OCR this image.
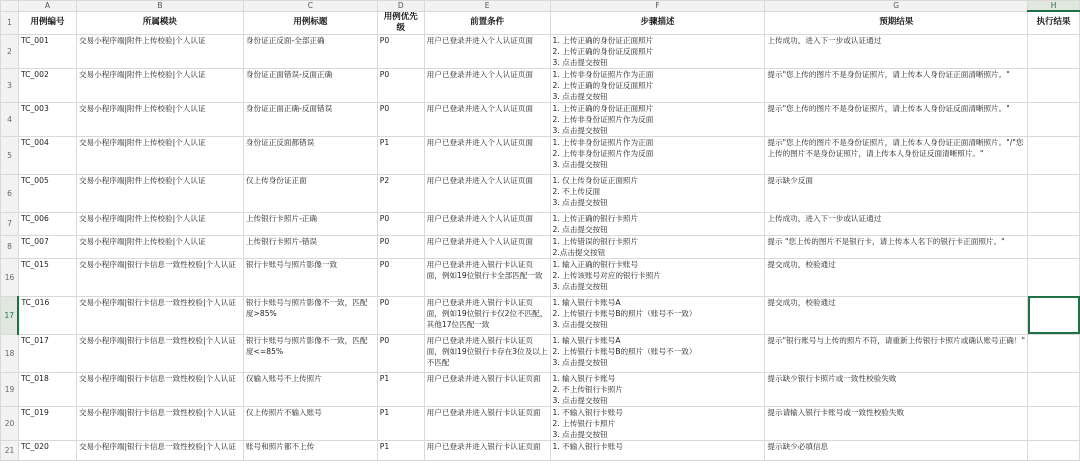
	A	B	C	D	E	F	G	H
1	用例编号	所属模块	用例标题	用例优先级	前置条件	步骤描述	预期结果	执行结果
2	TC_001	交易小程序端|附件上传校验|个人认证	身份证正反面-全部正确	P0	用户已登录并进入个人认证页面	1. 上传正确的身份证正面照片
2. 上传正确的身份证反面照片
3. 点击提交按钮	上传成功，进入下一步或认证通过	
3	TC_002	交易小程序端|附件上传校验|个人认证	身份证正面错误-反面正确	P0	用户已登录并进入个人认证页面	1. 上传非身份证照片作为正面
2. 上传正确的身份证反面照片
3. 点击提交按钮	提示"您上传的图片不是身份证照片，请上传本人身份证正面清晰照片。"	
4	TC_003	交易小程序端|附件上传校验|个人认证	身份证正面正确-反面错误	P0	用户已登录并进入个人认证页面	1. 上传正确的身份证正面照片
2. 上传非身份证照片作为反面
3. 点击提交按钮	提示"您上传的图片不是身份证照片，请上传本人身份证反面清晰照片。"	
5	TC_004	交易小程序端|附件上传校验|个人认证	身份证正反面都错误	P1	用户已登录并进入个人认证页面	1. 上传非身份证照片作为正面
2. 上传非身份证照片作为反面
3. 点击提交按钮	提示"您上传的图片不是身份证照片，请上传本人身份证正面清晰照片。"/"您上传的图片不是身份证照片，请上传本人身份证反面清晰照片。"	
6	TC_005	交易小程序端|附件上传校验|个人认证	仅上传身份证正面	P2	用户已登录并进入个人认证页面	1. 仅上传身份证正面照片
2. 不上传反面
3. 点击提交按钮	提示缺少反面	
7	TC_006	交易小程序端|附件上传校验|个人认证	上传银行卡照片-正确	P0	用户已登录并进入个人认证页面	1. 上传正确的银行卡照片
2. 点击提交按钮	上传成功，进入下一步或认证通过	
8	TC_007	交易小程序端|附件上传校验|个人认证	上传银行卡照片-错误	P0	用户已登录并进入个人认证页面	1. 上传错误的银行卡照片
2.点击提交按钮	提示 "您上传的图片不是银行卡，请上传本人名下的银行卡正面照片。"	
16	TC_015	交易小程序端|银行卡信息一致性校验|个人认证	银行卡账号与照片影像一致	P0	用户已登录并进入银行卡认证页面，例如19位银行卡全部匹配一致	1. 输入正确的银行卡账号
2. 上传该账号对应的银行卡照片
3. 点击提交按钮	提交成功，校验通过	
17	TC_016	交易小程序端|银行卡信息一致性校验|个人认证	银行卡账号与照片影像不一致，匹配度>85%	P0	用户已登录并进入银行卡认证页面，例如19位银行卡仅2位不匹配，其他17位匹配一致	1. 输入银行卡账号A
2. 上传银行卡账号B的照片（账号不一致）
3. 点击提交按钮	提交成功，校验通过	
18	TC_017	交易小程序端|银行卡信息一致性校验|个人认证	银行卡账号与照片影像不一致，匹配度<=85%	P0	用户已登录并进入银行卡认证页面，例如19位银行卡存在3位及以上不匹配	1. 输入银行卡账号A
2. 上传银行卡账号B的照片（账号不一致）
3. 点击提交按钮	提示"银行账号与上传的照片不符，请重新上传银行卡照片或确认账号正确！"	
19	TC_018	交易小程序端|银行卡信息一致性校验|个人认证	仅输入账号不上传照片	P1	用户已登录并进入银行卡认证页面	1. 输入银行卡账号
2. 不上传银行卡照片
3. 点击提交按钮	提示缺少银行卡照片或一致性校验失败	
20	TC_019	交易小程序端|银行卡信息一致性校验|个人认证	仅上传照片不输入账号	P1	用户已登录并进入银行卡认证页面	1. 不输入银行卡账号
2. 上传银行卡照片
3. 点击提交按钮	提示请输入银行卡账号或一致性校验失败	
21	TC_020	交易小程序端|银行卡信息一致性校验|个人认证	账号和照片都不上传	P1	用户已登录并进入银行卡认证页面	1. 不输入银行卡账号	提示缺少必填信息	
